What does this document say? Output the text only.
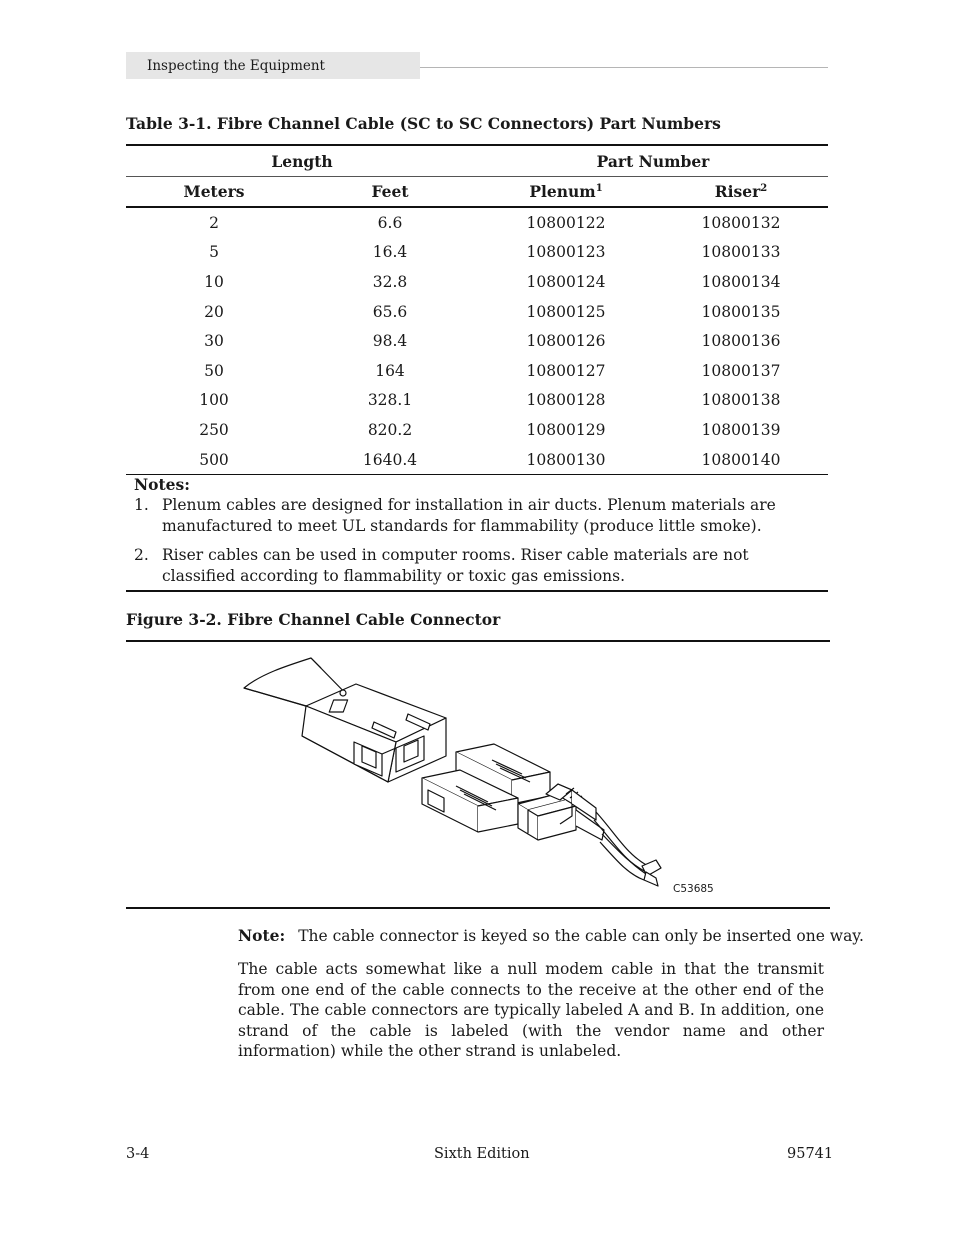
Inspecting the Equipment
Table 3-1. Fibre Channel Cable (SC to SC Connectors) Part Numbers
Length		Part Number	
Meters	Feet	Plenum$^1$	Riser$^2$
2	6.6	10800122	10800132
5	16.4	10800123	10800133
10	32.8	10800124	10800134
20	65.6	10800125	10800135
30	98.4	10800126	10800136
50	164	10800127	10800137
100	328.1	10800128	10800138
250	820.2	10800129	10800139
500	1640.4	10800130	10800140
Notes:
1. Plenum cables are designed for installation in air ducts. Plenum materials are manufactured to meet UL standards for flammability (produce little smoke).
2. Riser cables can be used in computer rooms. Riser cable materials are not classified according to flammability or toxic gas emissions.
Figure 3-2. Fibre Channel Cable Connector
C53685
Note: The cable connector is keyed so the cable can only be inserted one way.
The cable acts somewhat like a null modem cable in that the transmit from one end of the cable connects to the receive at the other end of the cable. The cable connectors are typically labeled A and B. In addition, one strand of the cable is labeled (with the vendor name and other information) while the other strand is unlabeled.
3-4	Sixth Edition	95741
